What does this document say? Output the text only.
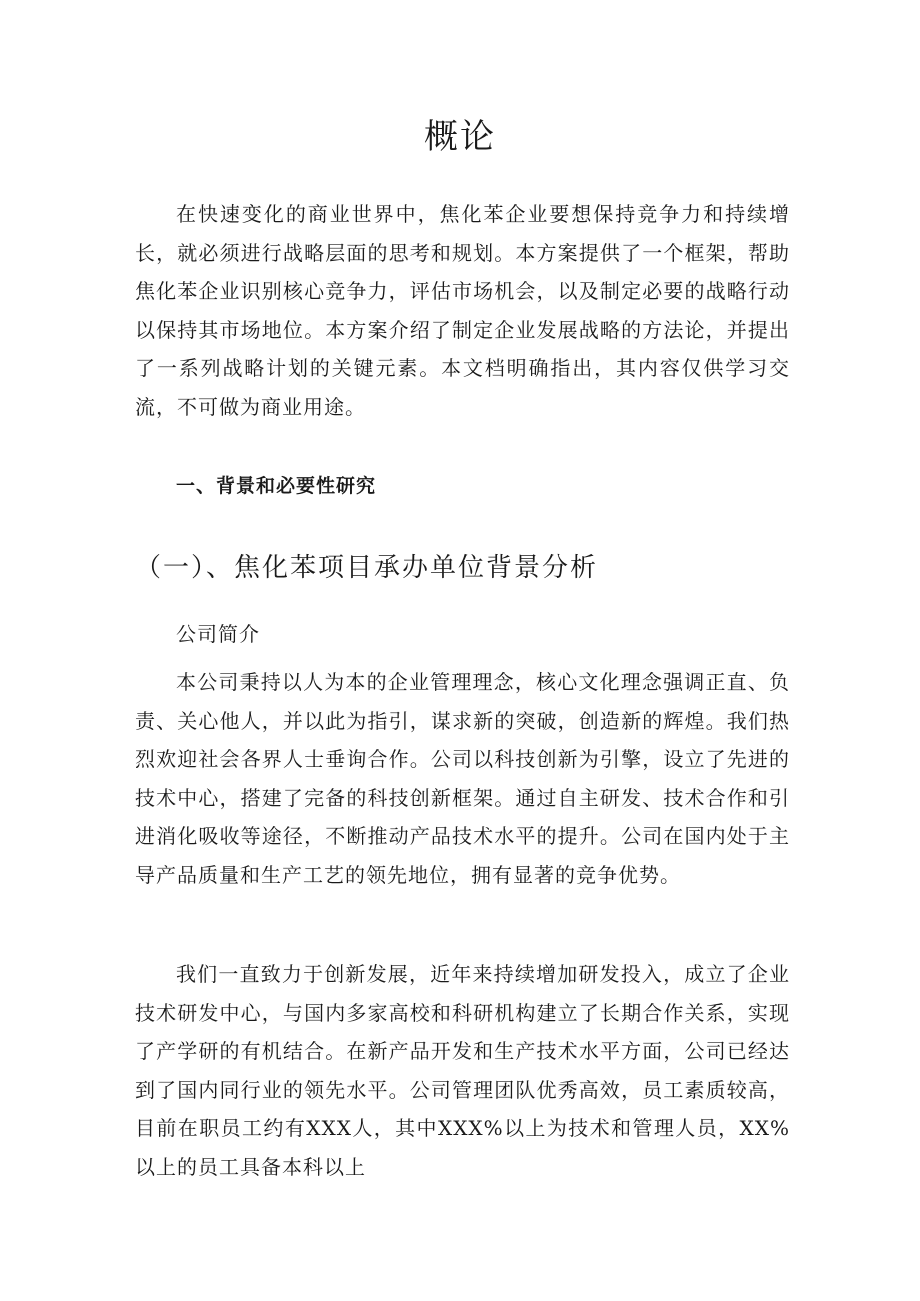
概论

在快速变化的商业世界中，焦化苯企业要想保持竞争力和持续增长，就必须进行战略层面的思考和规划。本方案提供了一个框架，帮助焦化苯企业识别核心竞争力，评估市场机会，以及制定必要的战略行动以保持其市场地位。本方案介绍了制定企业发展战略的方法论，并提出了一系列战略计划的关键元素。本文档明确指出，其内容仅供学习交流，不可做为商业用途。

一、背景和必要性研究
（一）、焦化苯项目承办单位背景分析
公司简介

本公司秉持以人为本的企业管理理念，核心文化理念强调正直、负责、关心他人，并以此为指引，谋求新的突破，创造新的辉煌。我们热烈欢迎社会各界人士垂询合作。公司以科技创新为引擎，设立了先进的技术中心，搭建了完备的科技创新框架。通过自主研发、技术合作和引进消化吸收等途径，不断推动产品技术水平的提升。公司在国内处于主导产品质量和生产工艺的领先地位，拥有显著的竞争优势。

我们一直致力于创新发展，近年来持续增加研发投入，成立了企业技术研发中心，与国内多家高校和科研机构建立了长期合作关系，实现了产学研的有机结合。在新产品开发和生产技术水平方面，公司已经达到了国内同行业的领先水平。公司管理团队优秀高效，员工素质较高，目前在职员工约有XXX人，其中XXX%以上为技术和管理人员，XX%以上的员工具备本科以上
